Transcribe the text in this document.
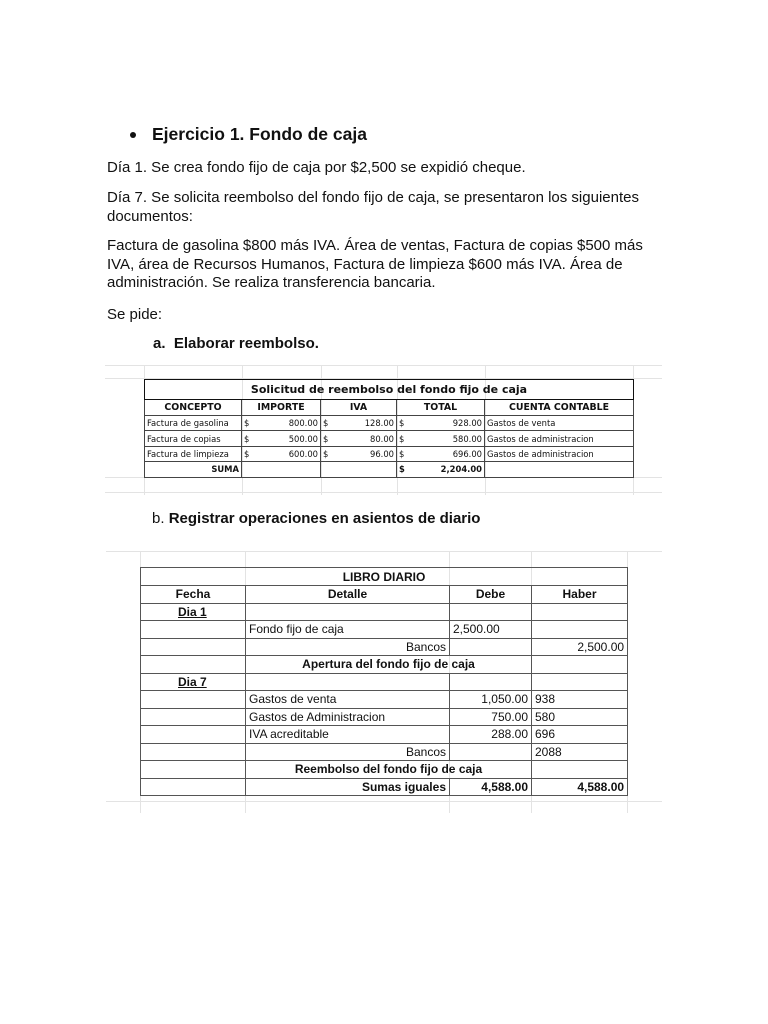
Ejercicio 1. Fondo de caja
Día 1. Se crea fondo fijo de caja por $2,500 se expidió cheque.
Día 7. Se solicita reembolso del fondo fijo de caja, se presentaron los siguientes documentos:
Factura de gasolina $800 más IVA. Área de ventas, Factura de copias $500 más IVA, área de Recursos Humanos, Factura de limpieza $600 más IVA. Área de administración. Se realiza transferencia bancaria.
Se pide:
a. Elaborar reembolso.
Solicitud de reembolso del fondo fijo de caja				
CONCEPTO	IMPORTE	IVA	TOTAL	CUENTA CONTABLE
Factura de gasolina	$ 800.00	$ 128.00	$ 928.00	Gastos de venta
Factura de copias	$ 500.00	$ 80.00	$ 580.00	Gastos de administracion
Factura de limpieza	$ 600.00	$ 96.00	$ 696.00	Gastos de administracion
SUMA			$ 2,204.00	

b. Registrar operaciones en asientos de diario
LIBRO DIARIO			
Fecha	Detalle	Debe	Haber
Dia 1			
	Fondo fijo de caja	2,500.00	
	Bancos		2,500.00
	Apertura del fondo fijo de caja		
Dia 7			
	Gastos de venta	1,050.00	938
	Gastos de Administracion	750.00	580
	IVA acreditable	288.00	696
	Bancos		2088
	Reembolso del fondo fijo de caja		
	Sumas iguales	4,588.00	4,588.00
